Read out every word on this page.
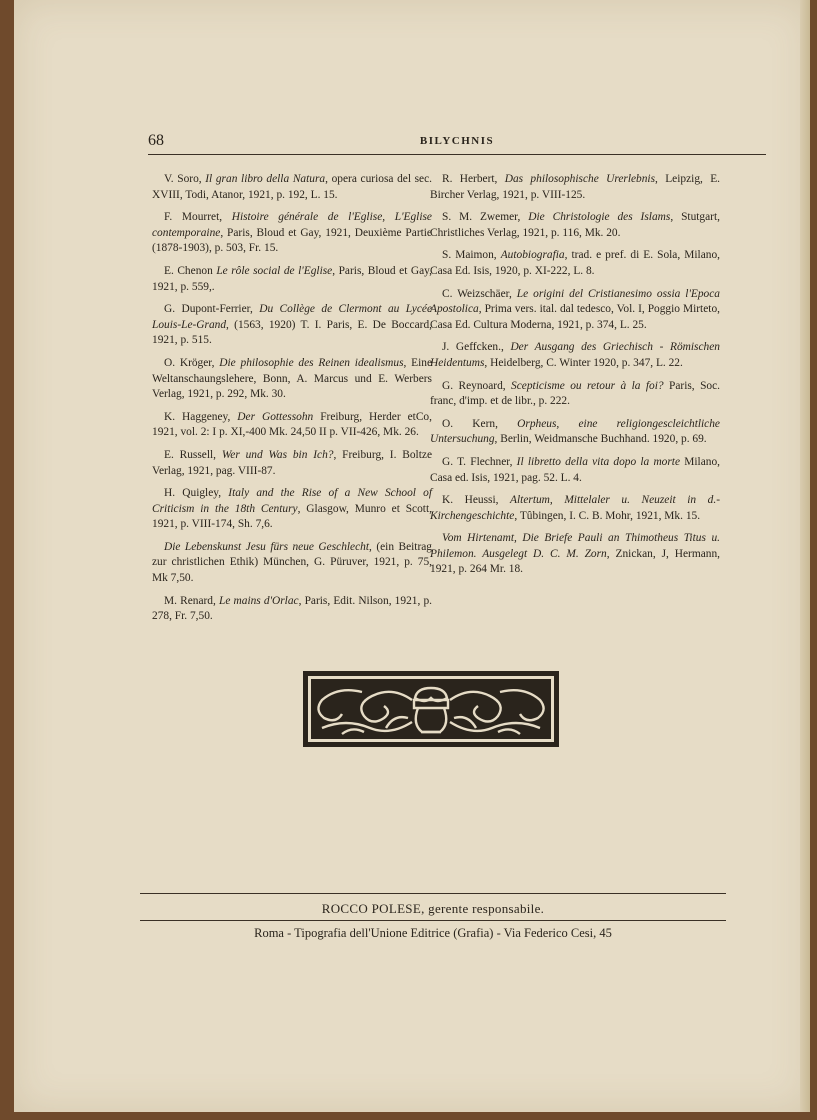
68	BILYCHNIS

V. Soro, Il gran libro della Natura, opera curiosa del sec. XVIII, Todi, Atanor, 1921, p. 192, L. 15.

F. Mourret, Histoire générale de l'Eglise, L'Eglise contemporaine, Paris, Bloud et Gay, 1921, Deuxième Partie (1878-1903), p. 503, Fr. 15.

E. Chenon Le rôle social de l'Eglise, Paris, Bloud et Gay, 1921, p. 559,.

G. Dupont-Ferrier, Du Collège de Clermont au Lycée Louis-Le-Grand, (1563, 1920) T. I. Paris, E. De Boccard, 1921, p. 515.

O. Kröger, Die philosophie des Reinen idealismus, Eine Weltanschaungslehere, Bonn, A. Marcus und E. Werbers Verlag, 1921, p. 292, Mk. 30.

K. Haggeney, Der Gottessohn Freiburg, Herder etCo, 1921, vol. 2: I p. XI,-400 Mk. 24,50 II p. VII-426, Mk. 26.

E. Russell, Wer und Was bin Ich?, Freiburg, I. Boltze Verlag, 1921, pag. VIII-87.

H. Quigley, Italy and the Rise of a New School of Criticism in the 18th Century, Glasgow, Munro et Scott, 1921, p. VIII-174, Sh. 7,6.

Die Lebenskunst Jesu fürs neue Geschlecht, (ein Beitrag zur christlichen Ethik) München, G. Püruver, 1921, p. 75, Mk 7,50.

M. Renard, Le mains d'Orlac, Paris, Edit. Nilson, 1921, p. 278, Fr. 7,50.

R. Herbert, Das philosophische Urerlebnis, Leipzig, E. Bircher Verlag, 1921, p. VIII-125.

S. M. Zwemer, Die Christologie des Islams, Stutgart, Christliches Verlag, 1921, p. 116, Mk. 20.

S. Maimon, Autobiografia, trad. e pref. di E. Sola, Milano, Casa Ed. Isis, 1920, p. XI-222, L. 8.

C. Weizschäer, Le origini del Cristianesimo ossia l'Epoca Apostolica, Prima vers. ital. dal tedesco, Vol. I, Poggio Mirteto, Casa Ed. Cultura Moderna, 1921, p. 374, L. 25.

J. Geffcken., Der Ausgang des Griechisch - Römischen Heidentums, Heidelberg, C. Winter 1920, p. 347, L. 22.

G. Reynoard, Scepticisme ou retour à la foi? Paris, Soc. franc, d'imp. et de libr., p. 222.

O. Kern, Orpheus, eine religiongescleichtliche Untersuchung, Berlin, Weidmansche Buchhand. 1920, p. 69.

G. T. Flechner, Il libretto della vita dopo la morte Milano, Casa ed. Isis, 1921, pag. 52. L. 4.

K. Heussi, Altertum, Mittelaler u. Neuzeit in d.-Kirchengeschichte, Tûbingen, I. C. B. Mohr, 1921, Mk. 15.

Vom Hirtenamt, Die Briefe Pauli an Thimotheus Titus u. Philemon. Ausgelegt D. C. M. Zorn, Znickan, J, Hermann, 1921, p. 264 Mr. 18.

ROCCO POLESE, gerente responsabile.
Roma - Tipografia dell'Unione Editrice (Grafia) - Via Federico Cesi, 45
